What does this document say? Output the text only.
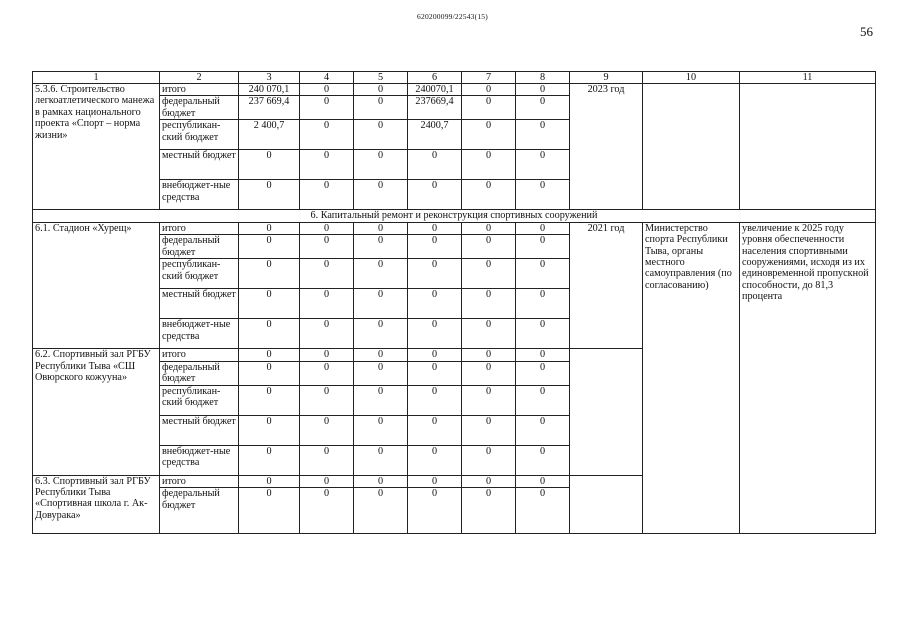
620200099/22543(15)
56
1	2	3	4	5	6	7	8	9	10	11
5.3.6. Строительство легкоатлетического манежа в рамках национального проекта «Спорт – норма жизни»	итого	240 070,1	0	0	240070,1	0	0	2023 год		
	федеральный бюджет	237 669,4	0	0	237669,4	0	0			
	республикан-ский бюджет	2 400,7	0	0	2400,7	0	0			
	местный бюджет	0	0	0	0	0	0			
	внебюджет-ные средства	0	0	0	0	0	0			
6. Капитальный ремонт и реконструкция спортивных сооружений										
6.1. Стадион «Хурещ»	итого	0	0	0	0	0	0	2021 год	Министерство спорта Республики Тыва, органы местного самоуправления (по согласованию)	увеличение к 2025 году уровня обеспеченности населения спортивными сооружениями, исходя из их единовременной пропускной способности, до 81,3 процента
	федеральный бюджет	0	0	0	0	0	0			
	республикан-ский бюджет	0	0	0	0	0	0			
	местный бюджет	0	0	0	0	0	0			
	внебюджет-ные средства	0	0	0	0	0	0			
6.2. Спортивный зал РГБУ Республики Тыва «СШ Овюрского кожууна»	итого	0	0	0	0	0	0			
	федеральный бюджет	0	0	0	0	0	0			
	республикан-ский бюджет	0	0	0	0	0	0			
	местный бюджет	0	0	0	0	0	0			
	внебюджет-ные средства	0	0	0	0	0	0			
6.3. Спортивный зал РГБУ Республики Тыва «Спортивная школа г. Ак-Довурака»	итого	0	0	0	0	0	0			
	федеральный бюджет	0	0	0	0	0	0			
